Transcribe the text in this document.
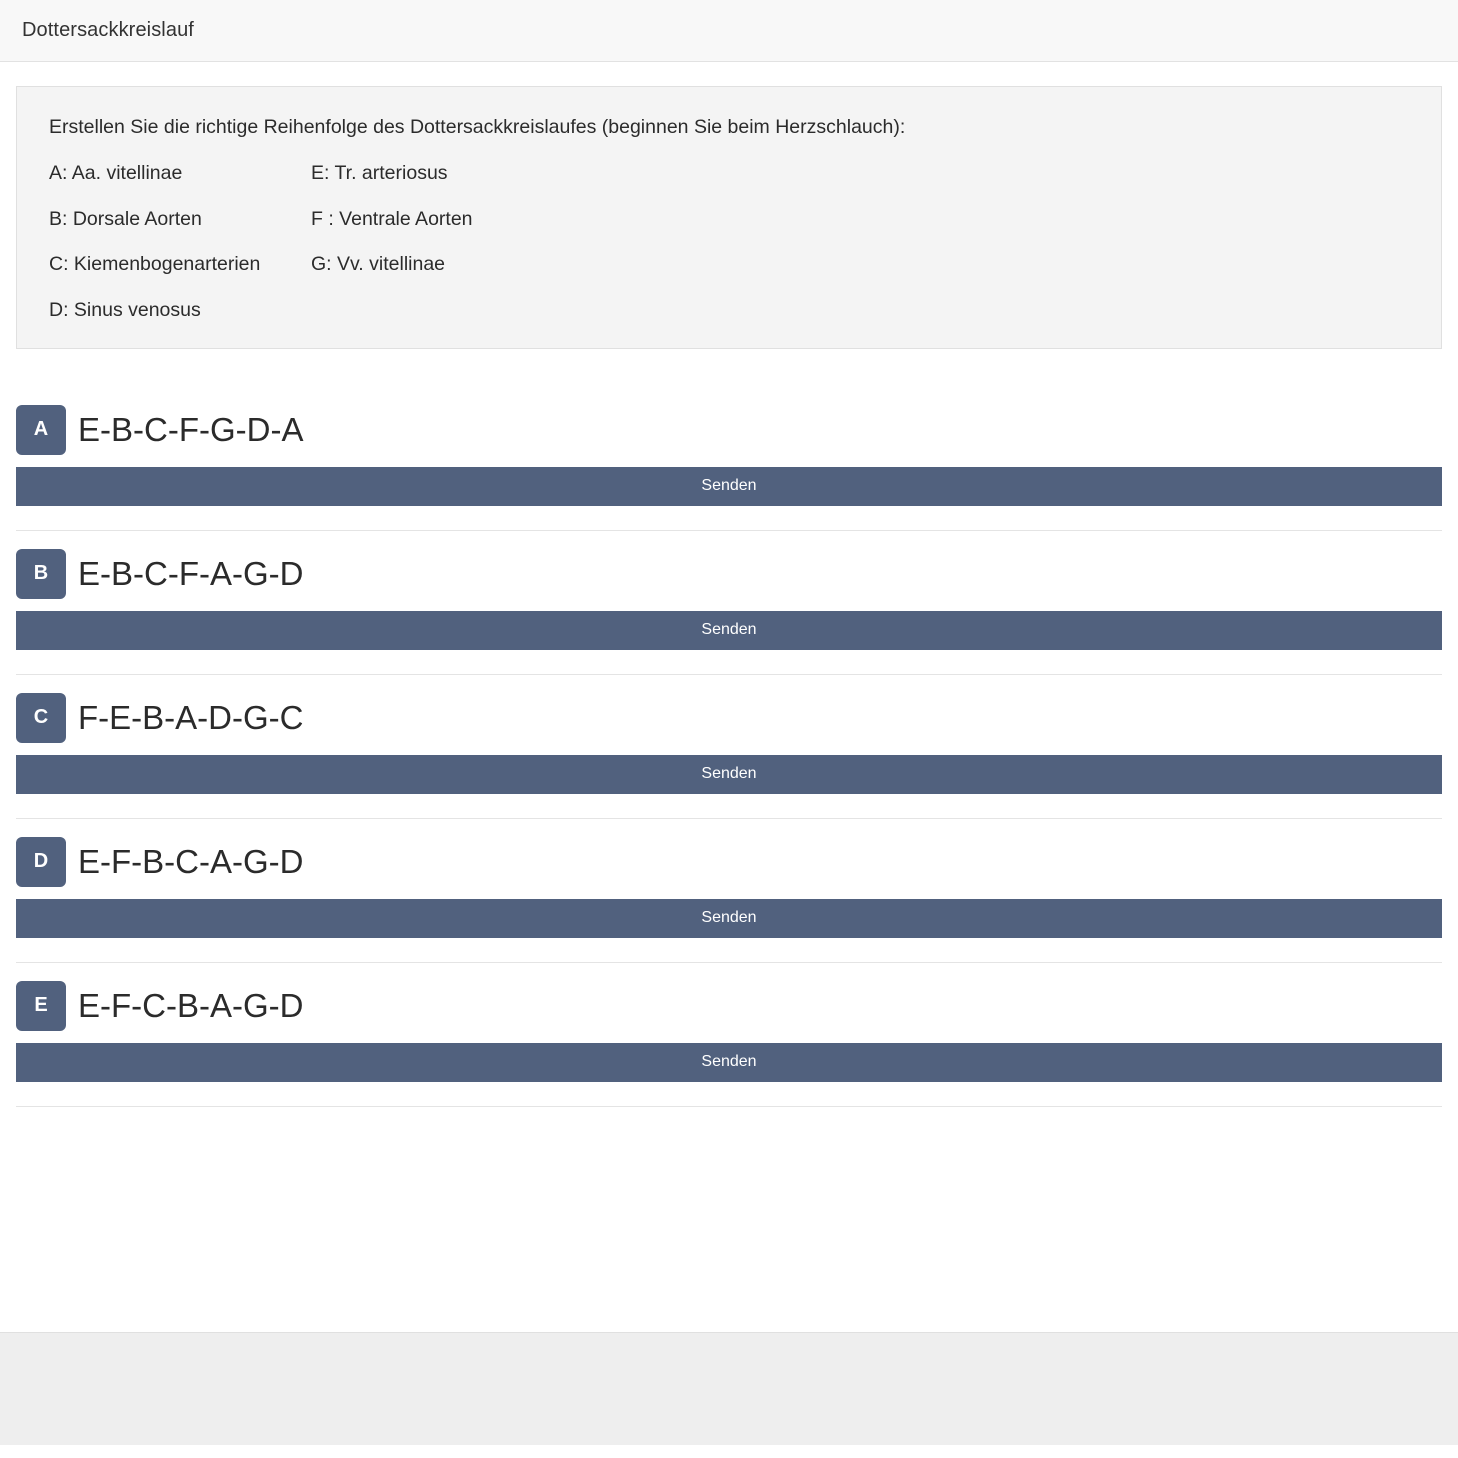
Dottersackkreislauf

Erstellen Sie die richtige Reihenfolge des Dottersackkreislaufes (beginnen Sie beim Herzschlauch):

A: Aa. vitellinae	E: Tr. arteriosus
B: Dorsale Aorten	F : Ventrale Aorten
C: Kiemenbogenarterien	G: Vv. vitellinae
D: Sinus venosus
A E-B-C-F-G-D-A
Senden
B E-B-C-F-A-G-D
Senden
C F-E-B-A-D-G-C
Senden
D E-F-B-C-A-G-D
Senden
E E-F-C-B-A-G-D
Senden
